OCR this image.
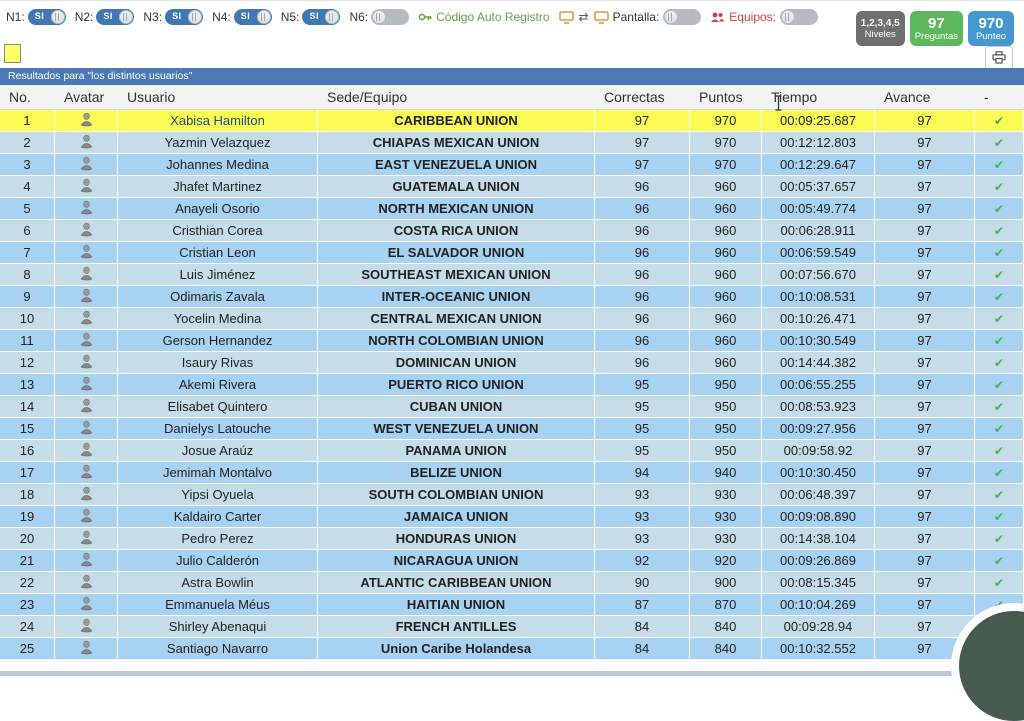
N1: SI	N2: SI	N3: SI	N4: SI	N5: SI	N6:	Código Auto Registro ⇄ Pantalla:	Equipos:	1,2,3,4,5
Niveles
97
Preguntas
970
Punteo
Resultados para "los distintos usuarios"
No.	Avatar	Usuario	Sede/Equipo	Correctas	Puntos	Tiempo	Avance	-
1		Xabisa Hamilton	CARIBBEAN UNION	97	970	00:09:25.687	97	✔
2		Yazmin Velazquez	CHIAPAS MEXICAN UNION	97	970	00:12:12.803	97	✔
3		Johannes Medina	EAST VENEZUELA UNION	97	970	00:12:29.647	97	✔
4		Jhafet Martinez	GUATEMALA UNION	96	960	00:05:37.657	97	✔
5		Anayeli Osorio	NORTH MEXICAN UNION	96	960	00:05:49.774	97	✔
6		Cristhian Corea	COSTA RICA UNION	96	960	00:06:28.911	97	✔
7		Cristian Leon	EL SALVADOR UNION	96	960	00:06:59.549	97	✔
8		Luis Jiménez	SOUTHEAST MEXICAN UNION	96	960	00:07:56.670	97	✔
9		Odimaris Zavala	INTER-OCEANIC UNION	96	960	00:10:08.531	97	✔
10		Yocelin Medina	CENTRAL MEXICAN UNION	96	960	00:10:26.471	97	✔
11		Gerson Hernandez	NORTH COLOMBIAN UNION	96	960	00:10:30.549	97	✔
12		Isaury Rivas	DOMINICAN UNION	96	960	00:14:44.382	97	✔
13		Akemi Rivera	PUERTO RICO UNION	95	950	00:06:55.255	97	✔
14		Elisabet Quintero	CUBAN UNION	95	950	00:08:53.923	97	✔
15		Danielys Latouche	WEST VENEZUELA UNION	95	950	00:09:27.956	97	✔
16		Josue Araúz	PANAMA UNION	95	950	00:09:58.92	97	✔
17		Jemimah Montalvo	BELIZE UNION	94	940	00:10:30.450	97	✔
18		Yipsi Oyuela	SOUTH COLOMBIAN UNION	93	930	00:06:48.397	97	✔
19		Kaldairo Carter	JAMAICA UNION	93	930	00:09:08.890	97	✔
20		Pedro Perez	HONDURAS UNION	93	930	00:14:38.104	97	✔
21		Julio Calderón	NICARAGUA UNION	92	920	00:09:26.869	97	✔
22		Astra Bowlin	ATLANTIC CARIBBEAN UNION	90	900	00:08:15.345	97	✔
23		Emmanuela Méus	HAITIAN UNION	87	870	00:10:04.269	97	✔
24		Shirley Abenaqui	FRENCH ANTILLES	84	840	00:09:28.94	97	
25		Santiago Navarro	Union Caribe Holandesa	84	840	00:10:32.552	97	
